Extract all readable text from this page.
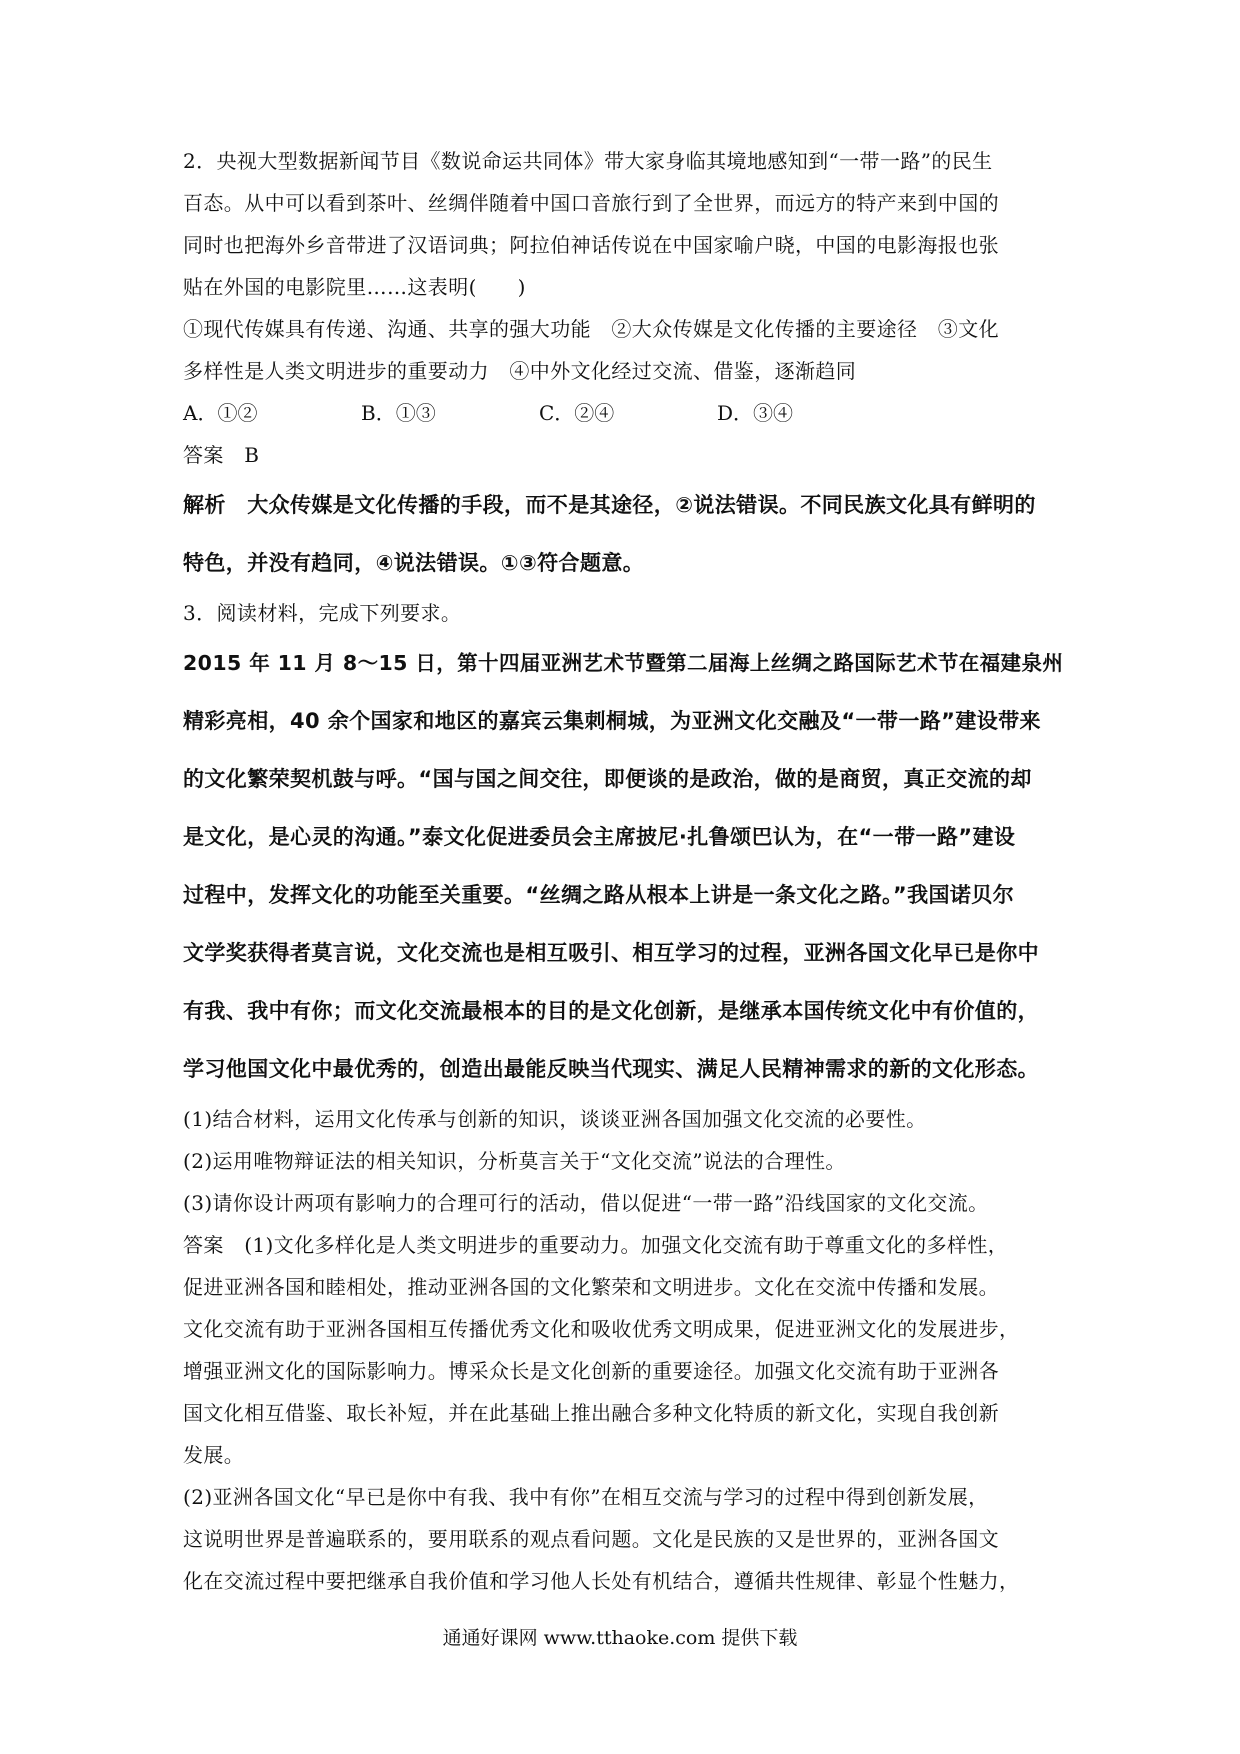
2．央视大型数据新闻节目《数说命运共同体》带大家身临其境地感知到“一带一路”的民生
百态。从中可以看到茶叶、丝绸伴随着中国口音旅行到了全世界，而远方的特产来到中国的
同时也把海外乡音带进了汉语词典；阿拉伯神话传说在中国家喻户晓，中国的电影海报也张
贴在外国的电影院里……这表明(　　)
①现代传媒具有传递、沟通、共享的强大功能　②大众传媒是文化传播的主要途径　③文化
多样性是人类文明进步的重要动力　④中外文化经过交流、借鉴，逐渐趋同
A．①②	B．①③	C．②④	D．③④
答案　B
解析　大众传媒是文化传播的手段，而不是其途径，②说法错误。不同民族文化具有鲜明的
特色，并没有趋同，④说法错误。①③符合题意。
3．阅读材料，完成下列要求。
2015 年 11 月 8～15 日，第十四届亚洲艺术节暨第二届海上丝绸之路国际艺术节在福建泉州
精彩亮相，40 余个国家和地区的嘉宾云集刺桐城，为亚洲文化交融及“一带一路”建设带来
的文化繁荣契机鼓与呼。“国与国之间交往，即便谈的是政治，做的是商贸，真正交流的却
是文化，是心灵的沟通。”泰文化促进委员会主席披尼·扎鲁颂巴认为，在“一带一路”建设
过程中，发挥文化的功能至关重要。“丝绸之路从根本上讲是一条文化之路。”我国诺贝尔
文学奖获得者莫言说，文化交流也是相互吸引、相互学习的过程，亚洲各国文化早已是你中
有我、我中有你；而文化交流最根本的目的是文化创新，是继承本国传统文化中有价值的，
学习他国文化中最优秀的，创造出最能反映当代现实、满足人民精神需求的新的文化形态。
(1)结合材料，运用文化传承与创新的知识，谈谈亚洲各国加强文化交流的必要性。
(2)运用唯物辩证法的相关知识，分析莫言关于“文化交流”说法的合理性。
(3)请你设计两项有影响力的合理可行的活动，借以促进“一带一路”沿线国家的文化交流。
答案　(1)文化多样化是人类文明进步的重要动力。加强文化交流有助于尊重文化的多样性，
促进亚洲各国和睦相处，推动亚洲各国的文化繁荣和文明进步。文化在交流中传播和发展。
文化交流有助于亚洲各国相互传播优秀文化和吸收优秀文明成果，促进亚洲文化的发展进步，
增强亚洲文化的国际影响力。博采众长是文化创新的重要途径。加强文化交流有助于亚洲各
国文化相互借鉴、取长补短，并在此基础上推出融合多种文化特质的新文化，实现自我创新
发展。
(2)亚洲各国文化“早已是你中有我、我中有你”在相互交流与学习的过程中得到创新发展，
这说明世界是普遍联系的，要用联系的观点看问题。文化是民族的又是世界的，亚洲各国文
化在交流过程中要把继承自我价值和学习他人长处有机结合，遵循共性规律、彰显个性魅力，
通通好课网 www.tthaoke.com 提供下载
